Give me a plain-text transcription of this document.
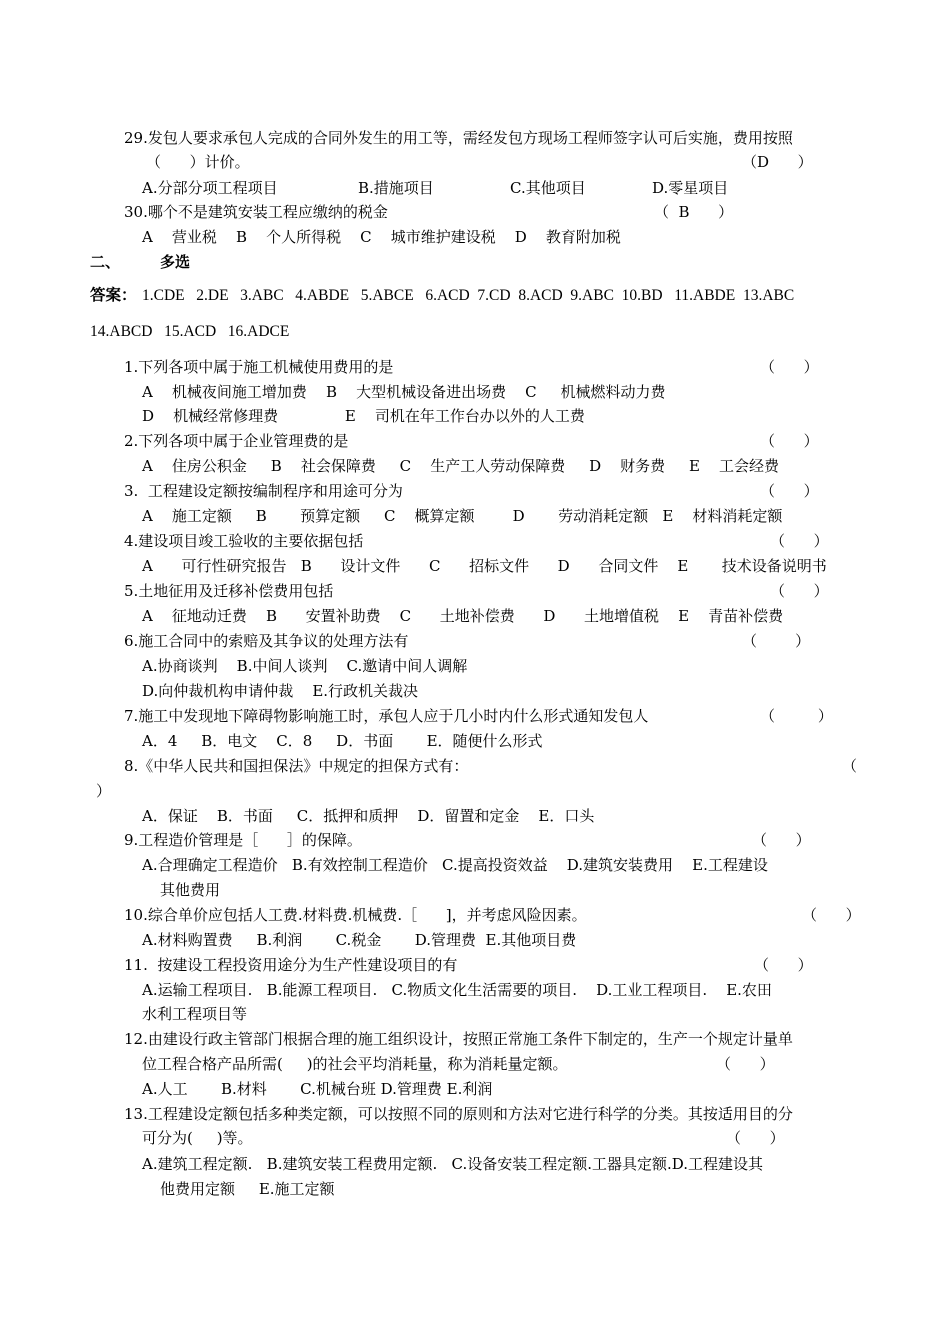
29.发包人要求承包人完成的合同外发生的用工等，需经发包方现场工程师签字认可后实施，费用按照
（      ）计价。	（D      ）
A.分部分项工程项目	B.措施项目	C.其他项目	D.零星项目
30.哪个不是建筑安装工程应缴纳的税金	（  B      ）
A    营业税    B    个人所得税    C    城市维护建设税    D    教育附加税
二、	多选
答案： 1.CDE   2.DE   3.ABC   4.ABDE   5.ABCE   6.ACD  7.CD  8.ACD  9.ABC  10.BD   11.ABDE  13.ABC
14.ABCD   15.ACD   16.ADCE
1.下列各项中属于施工机械使用费用的是	（      ）
A    机械夜间施工增加费    B    大型机械设备进出场费    C     机械燃料动力费
D    机械经常修理费              E    司机在年工作台办以外的人工费
2.下列各项中属于企业管理费的是	（      ）
A    住房公积金     B    社会保障费     C    生产工人劳动保障费     D    财务费     E    工会经费
3.  工程建设定额按编制程序和用途可分为	（      ）
A    施工定额     B       预算定额     C    概算定额        D       劳动消耗定额   E    材料消耗定额
4.建设项目竣工验收的主要依据包括	（      ）
A      可行性研究报告   B      设计文件      C      招标文件      D      合同文件    E       技术设备说明书
5.土地征用及迁移补偿费用包括	（      ）
A    征地动迁费    B      安置补助费    C      土地补偿费      D      土地增值税    E    青苗补偿费
6.施工合同中的索赔及其争议的处理方法有	（        ）
A.协商谈判    B.中间人谈判    C.邀请中间人调解
D.向仲裁机构申请仲裁    E.行政机关裁决
7.施工中发现地下障碍物影响施工时，承包人应于几小时内什么形式通知发包人	（         ）
A．4     B．电文    C．8     D．书面       E．随便什么形式
8.《中华人民共和国担保法》中规定的担保方式有：	（
）
A．保证    B．书面     C．抵押和质押    D．留置和定金    E．口头
9.工程造价管理是［      ］的保障。	（      ）
A.合理确定工程造价   B.有效控制工程造价   C.提高投资效益    D.建筑安装费用    E.工程建设
其他费用
10.综合单价应包括人工费.材料费.机械费.［      ]，并考虑风险因素。	（      ）
A.材料购置费     B.利润       C.税金       D.管理费  E.其他项目费
11.  按建设工程投资用途分为生产性建设项目的有	（      ）
A.运输工程项目.   B.能源工程项目.   C.物质文化生活需要的项目.    D.工业工程项目.    E.农田
水利工程项目等
12.由建设行政主管部门根据合理的施工组织设计，按照正常施工条件下制定的，生产一个规定计量单
位工程合格产品所需(     )的社会平均消耗量，称为消耗量定额。	（      ）
A.人工       B.材料       C.机械台班 D.管理费 E.利润
13.工程建设定额包括多种类定额，可以按照不同的原则和方法对它进行科学的分类。其按适用目的分
可分为(     )等。	（      ）
A.建筑工程定额.   B.建筑安装工程费用定额.   C.设备安装工程定额.工器具定额.D.工程建设其
他费用定额     E.施工定额
